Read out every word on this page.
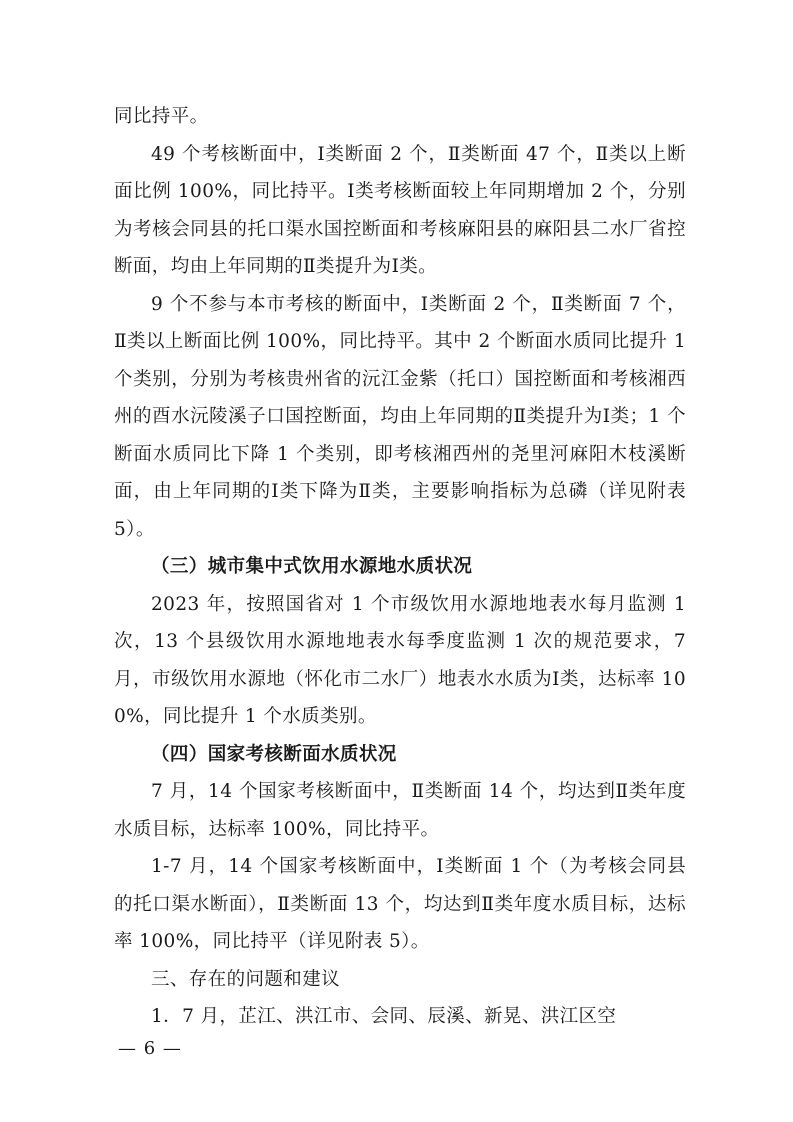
同比持平。

49 个考核断面中，Ⅰ类断面 2 个，Ⅱ类断面 47 个，Ⅱ类以上断面比例 100%，同比持平。Ⅰ类考核断面较上年同期增加 2 个，分别为考核会同县的托口渠水国控断面和考核麻阳县的麻阳县二水厂省控断面，均由上年同期的Ⅱ类提升为Ⅰ类。

9 个不参与本市考核的断面中，Ⅰ类断面 2 个，Ⅱ类断面 7 个，Ⅱ类以上断面比例 100%，同比持平。其中 2 个断面水质同比提升 1 个类别，分别为考核贵州省的沅江金紫（托口）国控断面和考核湘西州的酉水沅陵溪子口国控断面，均由上年同期的Ⅱ类提升为Ⅰ类；1 个断面水质同比下降 1 个类别，即考核湘西州的尧里河麻阳木枝溪断面，由上年同期的Ⅰ类下降为Ⅱ类，主要影响指标为总磷（详见附表 5）。

（三）城市集中式饮用水源地水质状况

2023 年，按照国省对 1 个市级饮用水源地地表水每月监测 1 次，13 个县级饮用水源地地表水每季度监测 1 次的规范要求，7 月，市级饮用水源地（怀化市二水厂）地表水水质为Ⅰ类，达标率 100%，同比提升 1 个水质类别。

（四）国家考核断面水质状况

7 月，14 个国家考核断面中，Ⅱ类断面 14 个，均达到Ⅱ类年度水质目标，达标率 100%，同比持平。

1-7 月，14 个国家考核断面中，Ⅰ类断面 1 个（为考核会同县的托口渠水断面），Ⅱ类断面 13 个，均达到Ⅱ类年度水质目标，达标率 100%，同比持平（详见附表 5）。

三、存在的问题和建议

1．7 月，芷江、洪江市、会同、辰溪、新晃、洪江区空

— 6 —
